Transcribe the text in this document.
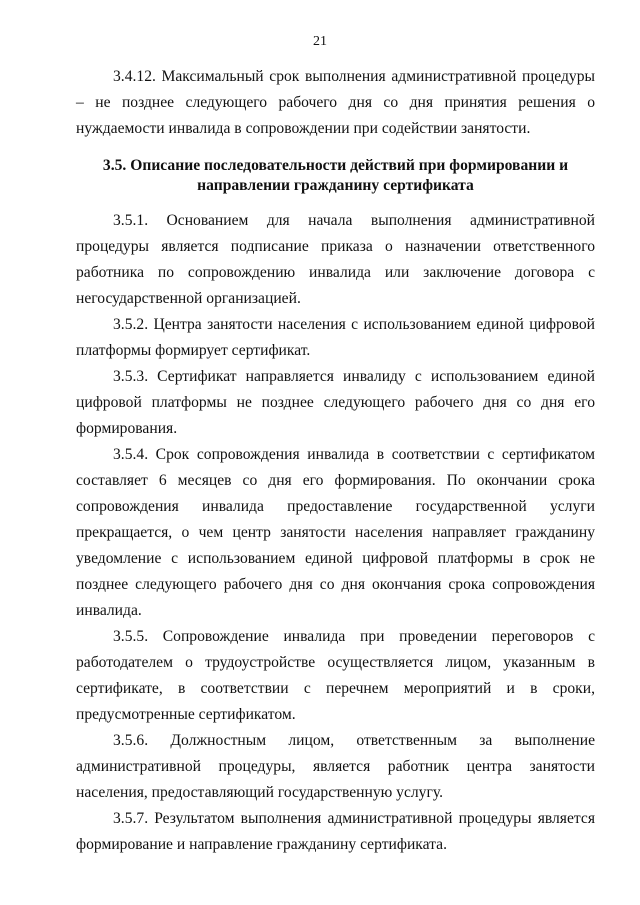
21

3.4.12. Максимальный срок выполнения административной процедуры – не позднее следующего рабочего дня со дня принятия решения о нуждаемости инвалида в сопровождении при содействии занятости.

3.5. Описание последовательности действий при формировании и направлении гражданину сертификата

3.5.1. Основанием для начала выполнения административной процедуры является подписание приказа о назначении ответственного работника по сопровождению инвалида или заключение договора с негосударственной организацией.

3.5.2. Центра занятости населения с использованием единой цифровой платформы формирует сертификат.

3.5.3. Сертификат направляется инвалиду с использованием единой цифровой платформы не позднее следующего рабочего дня со дня его формирования.

3.5.4. Срок сопровождения инвалида в соответствии с сертификатом составляет 6 месяцев со дня его формирования. По окончании срока сопровождения инвалида предоставление государственной услуги прекращается, о чем центр занятости населения направляет гражданину уведомление с использованием единой цифровой платформы в срок не позднее следующего рабочего дня со дня окончания срока сопровождения инвалида.

3.5.5. Сопровождение инвалида при проведении переговоров с работодателем о трудоустройстве осуществляется лицом, указанным в сертификате, в соответствии с перечнем мероприятий и в сроки, предусмотренные сертификатом.

3.5.6. Должностным лицом, ответственным за выполнение административной процедуры, является работник центра занятости населения, предоставляющий государственную услугу.

3.5.7. Результатом выполнения административной процедуры является формирование и направление гражданину сертификата.
